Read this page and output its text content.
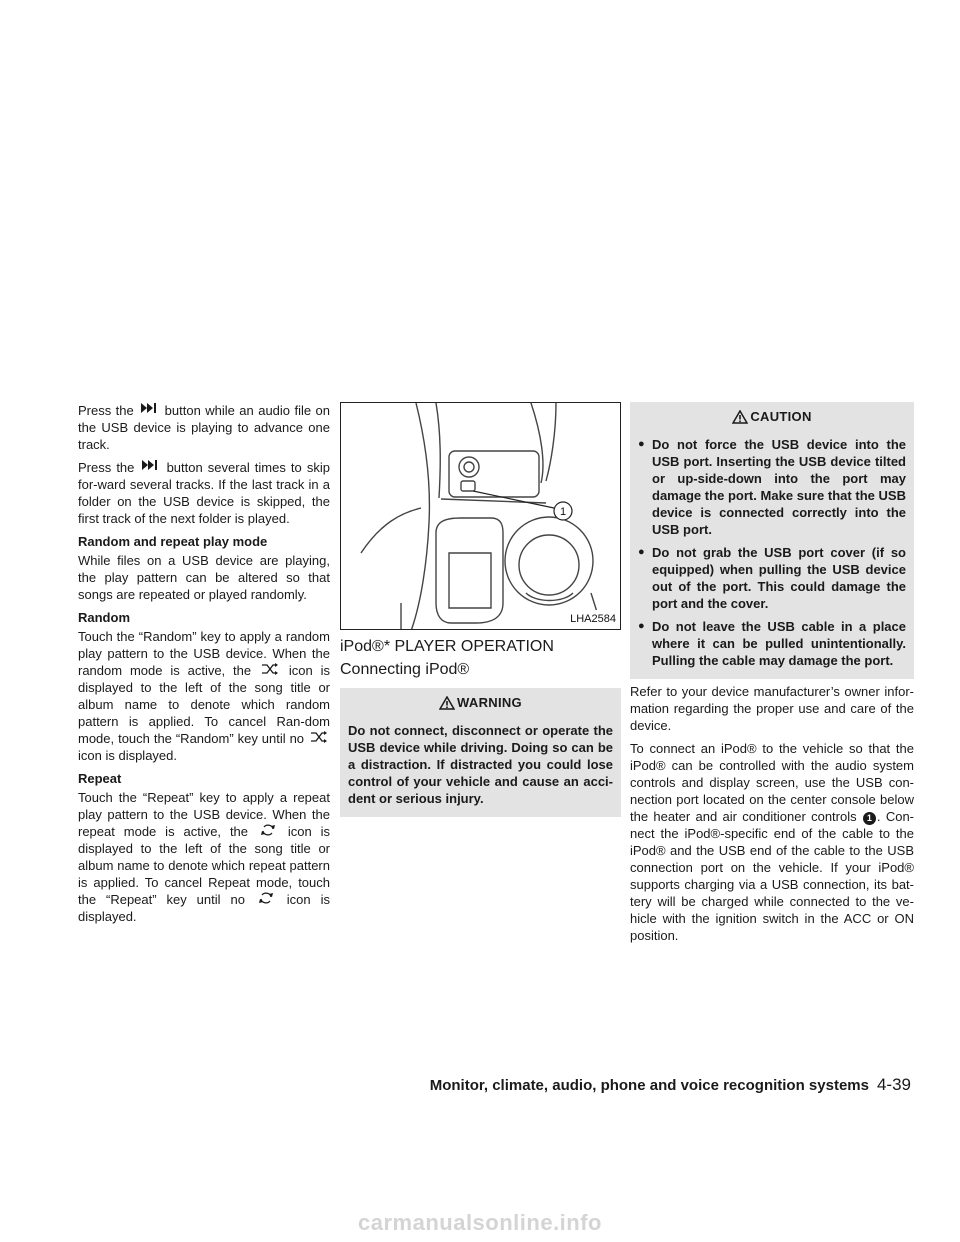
Press the button while an audio file on the USB device is playing to advance one track.

Press the button several times to skip for-ward several tracks. If the last track in a folder on the USB device is skipped, the first track of the next folder is played.

Random and repeat play mode

While files on a USB device are playing, the play pattern can be altered so that songs are repeated or played randomly.

Random

Touch the “Random” key to apply a random play pattern to the USB device. When the random mode is active, the	icon is displayed to the left of the song title or album name to denote which random pattern is applied. To cancel Ran-dom mode, touch the “Random” key until no
icon is displayed.

Repeat

Touch the “Repeat” key to apply a repeat play pattern to the USB device. When the repeat mode is active, the	icon is displayed to the left of the song title or album name to denote which repeat pattern is applied. To cancel Repeat mode, touch the “Repeat” key until no	icon is displayed.

1
LHA2584
iPod®* PLAYER OPERATION
Connecting iPod®
WARNING
Do not connect, disconnect or operate the USB device while driving. Doing so can be a distraction. If distracted you could lose control of your vehicle and cause an acci-dent or serious injury.
CAUTION
● Do not force the USB device into the USB port. Inserting the USB device tilted or up-side-down into the port may damage the port. Make sure that the USB device is connected correctly into the USB port.
● Do not grab the USB port cover (if so equipped) when pulling the USB device out of the port. This could damage the port and the cover.
● Do not leave the USB cable in a place where it can be pulled unintentionally. Pulling the cable may damage the port.

Refer to your device manufacturer’s owner infor-mation regarding the proper use and care of the device.

To connect an iPod® to the vehicle so that the iPod® can be controlled with the audio system controls and display screen, use the USB con-nection port located on the center console below the heater and air conditioner controls 1 . Con-nect the iPod®-specific end of the cable to the iPod® and the USB end of the cable to the USB connection port on the vehicle. If your iPod® supports charging via a USB connection, its bat-tery will be charged while connected to the ve-hicle with the ignition switch in the ACC or ON position.

Monitor, climate, audio, phone and voice recognition systems 4-39
carmanualsonline.info
